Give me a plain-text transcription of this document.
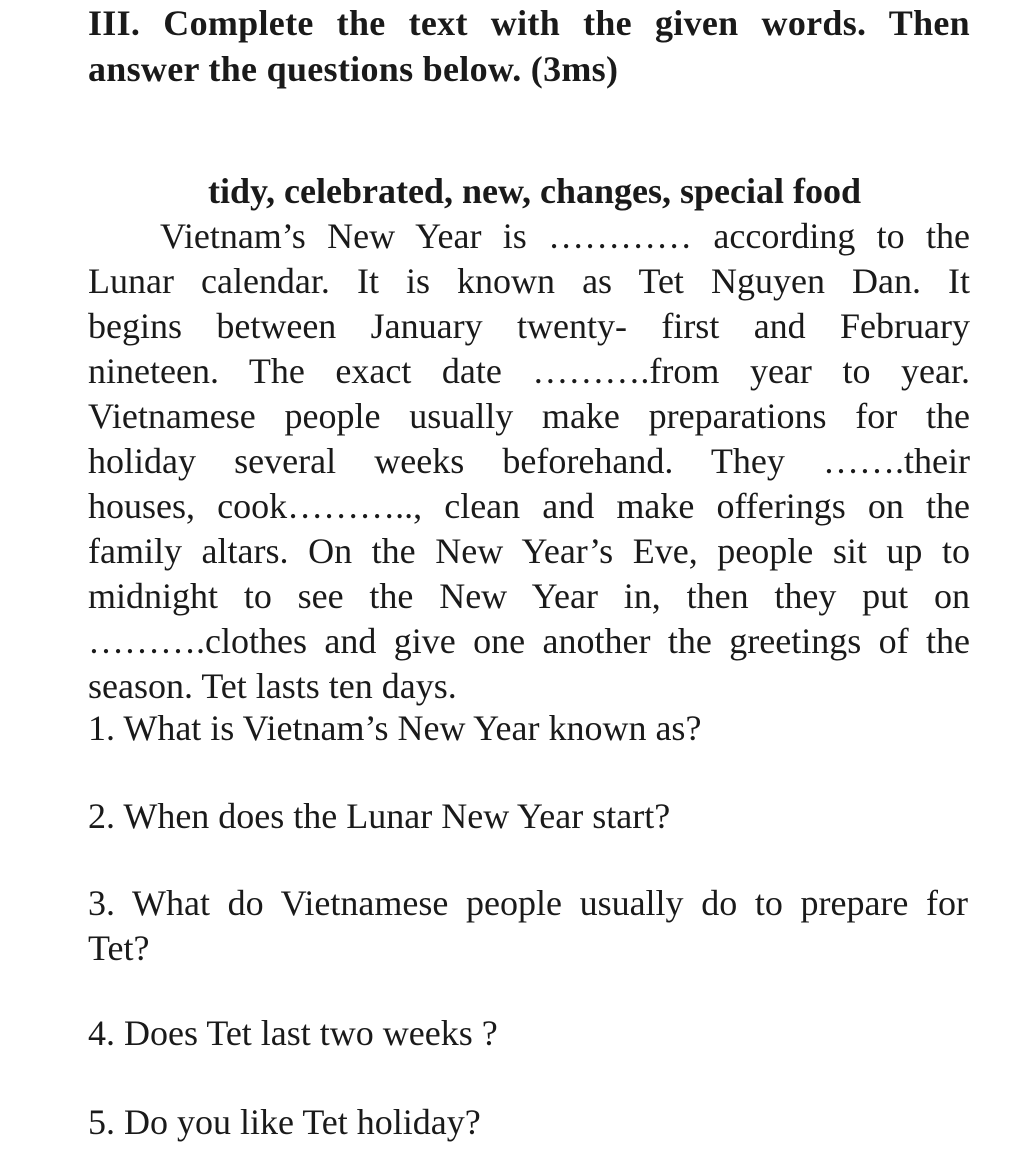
III. Complete the text with the given words. Then
answer the questions below. (3ms)

tidy, celebrated, new, changes, special food

Vietnam’s New Year is ………… according to the
Lunar calendar. It is known as Tet Nguyen Dan. It
begins between January twenty- first and February
nineteen. The exact date ……….from year to year.
Vietnamese people usually make preparations for the
holiday several weeks beforehand. They …….their
houses, cook……….., clean and make offerings on the
family altars. On the New Year’s Eve, people sit up to
midnight to see the New Year in, then they put on
……….clothes and give one another the greetings of the
season. Tet lasts ten days.
1. What is Vietnam’s New Year known as?
2. When does the Lunar New Year start?
3. What do Vietnamese people usually do to prepare for
Tet?
4. Does Tet last two weeks ?
5. Do you like Tet holiday?
